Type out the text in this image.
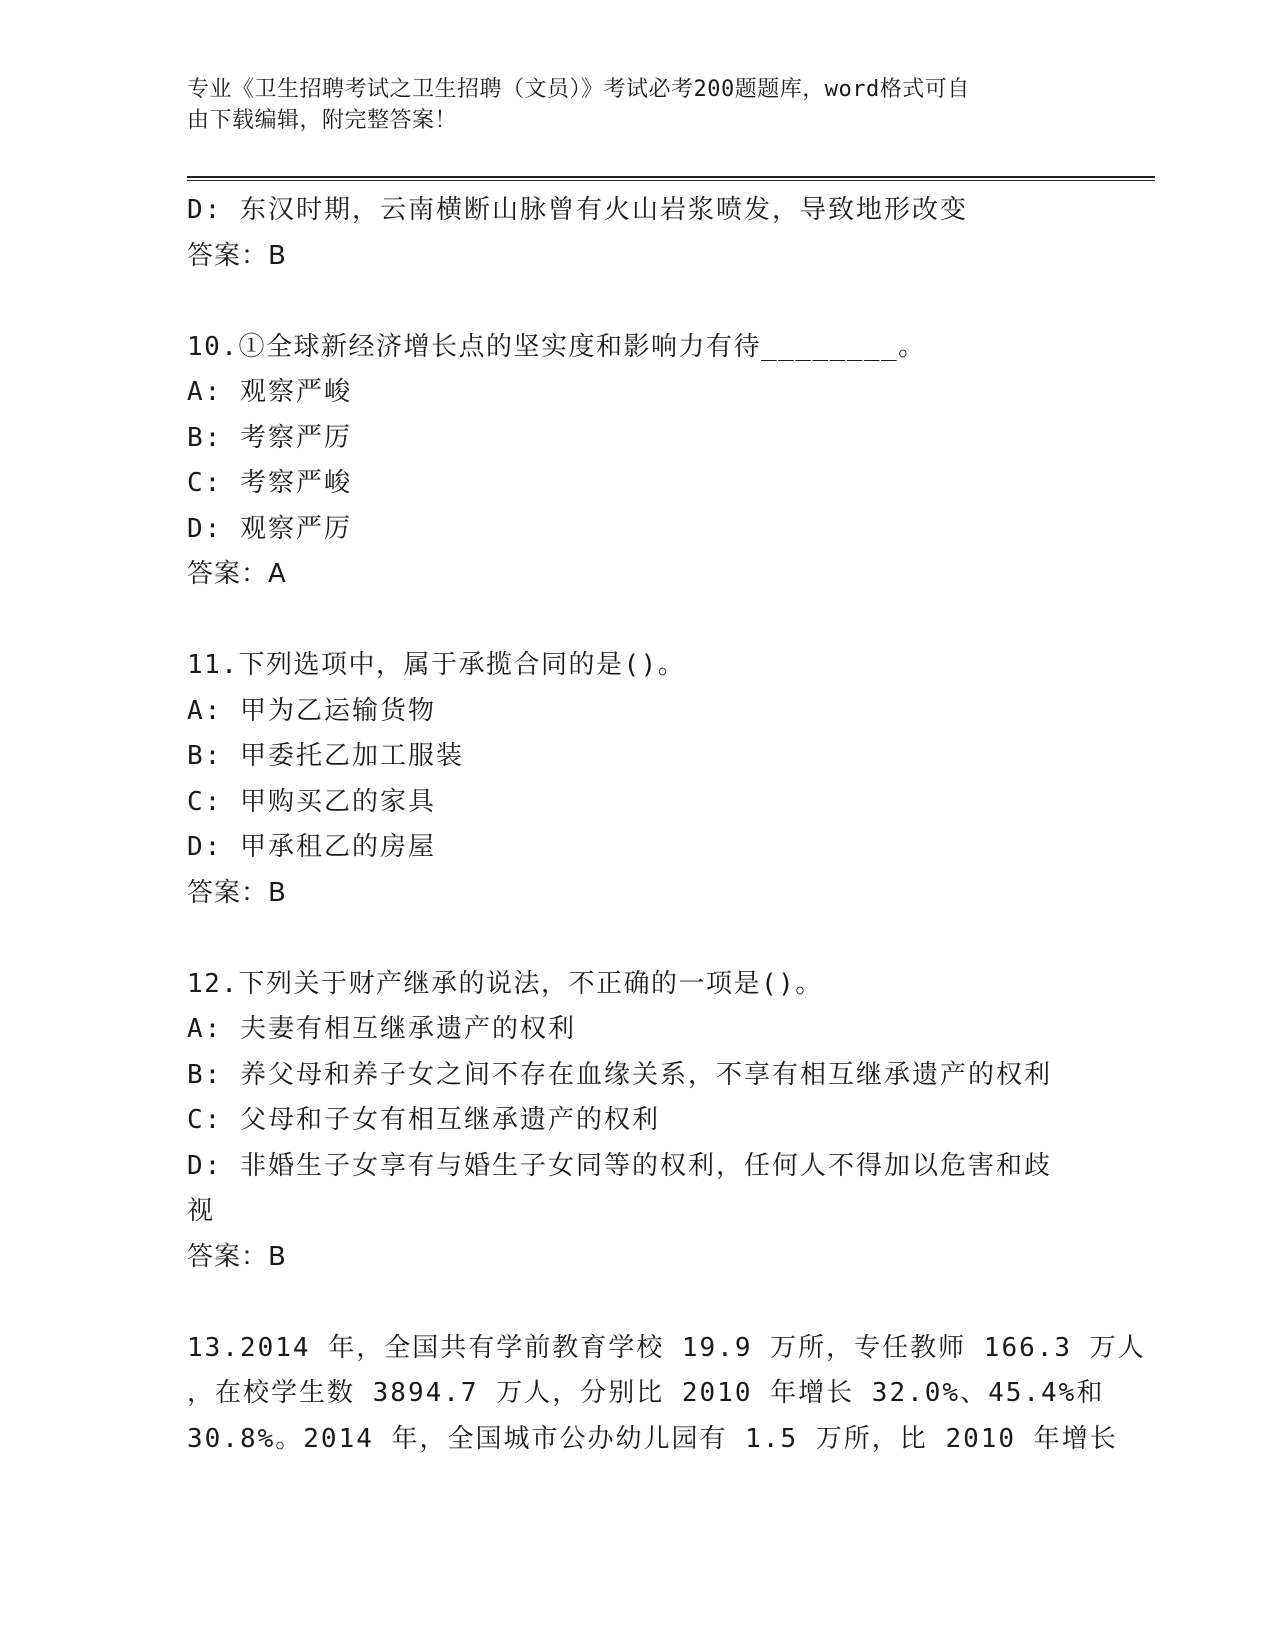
专业《卫生招聘考试之卫生招聘（文员）》考试必考200题题库，word格式可自
由下载编辑，附完整答案！
D: 东汉时期，云南横断山脉曾有火山岩浆喷发，导致地形改变
答案：B
10.①全球新经济增长点的坚实度和影响力有待________。
A: 观察严峻
B: 考察严厉
C: 考察严峻
D: 观察严厉
答案：A
11.下列选项中，属于承揽合同的是()。
A: 甲为乙运输货物
B: 甲委托乙加工服装
C: 甲购买乙的家具
D: 甲承租乙的房屋
答案：B
12.下列关于财产继承的说法，不正确的一项是()。
A: 夫妻有相互继承遗产的权利
B: 养父母和养子女之间不存在血缘关系，不享有相互继承遗产的权利
C: 父母和子女有相互继承遗产的权利
D: 非婚生子女享有与婚生子女同等的权利，任何人不得加以危害和歧
视
答案：B
13.2014 年，全国共有学前教育学校 19.9 万所，专任教师 166.3 万人
，在校学生数 3894.7 万人，分别比 2010 年增长 32.0%、45.4%和
30.8%。2014 年，全国城市公办幼儿园有 1.5 万所，比 2010 年增长
